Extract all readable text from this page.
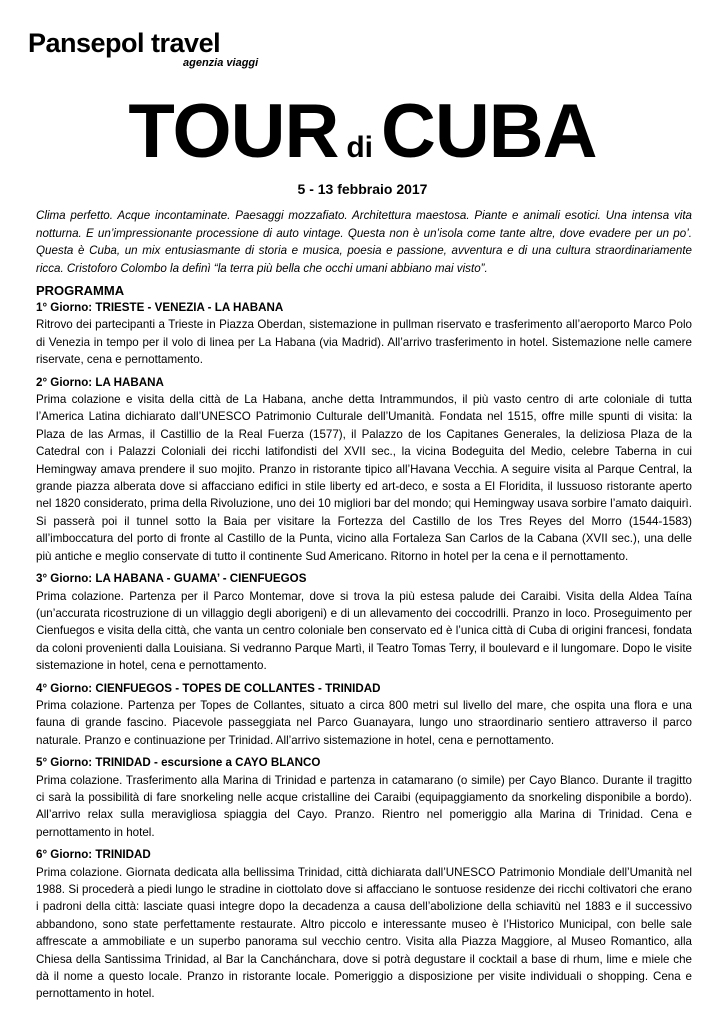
Pansepol travel
agenzia viaggi
TOUR di CUBA
5 - 13 febbraio 2017

Clima perfetto. Acque incontaminate. Paesaggi mozzafiato. Architettura maestosa. Piante e animali esotici. Una intensa vita notturna. E un’impressionante processione di auto vintage. Questa non è un’isola come tante altre, dove evadere per un po’. Questa è Cuba, un mix entusiasmante di storia e musica, poesia e passione, avventura e di una cultura straordinariamente ricca. Cristoforo Colombo la definì “la terra più bella che occhi umani abbiano mai visto”.

PROGRAMMA

1° Giorno: TRIESTE - VENEZIA - LA HABANA

Ritrovo dei partecipanti a Trieste in Piazza Oberdan, sistemazione in pullman riservato e trasferimento all’aeroporto Marco Polo di Venezia in tempo per il volo di linea per La Habana (via Madrid). All’arrivo trasferimento in hotel. Sistemazione nelle camere riservate, cena e pernottamento.

2° Giorno: LA HABANA

Prima colazione e visita della città de La Habana, anche detta Intrammundos, il più vasto centro di arte coloniale di tutta l’America Latina dichiarato dall’UNESCO Patrimonio Culturale dell’Umanità. Fondata nel 1515, offre mille spunti di visita: la Plaza de las Armas, il Castillio de la Real Fuerza (1577), il Palazzo de los Capitanes Generales, la deliziosa Plaza de la Catedral con i Palazzi Coloniali dei ricchi latifondisti del XVII sec., la vicina Bodeguita del Medio, celebre Taberna in cui Hemingway amava prendere il suo mojito. Pranzo in ristorante tipico all’Havana Vecchia. A seguire visita al Parque Central, la grande piazza alberata dove si affacciano edifici in stile liberty ed art-deco, e sosta a El Floridita, il lussuoso ristorante aperto nel 1820 considerato, prima della Rivoluzione, uno dei 10 migliori bar del mondo; qui Hemingway usava sorbire l’amato daiquirì. Si passerà poi il tunnel sotto la Baia per visitare la Fortezza del Castillo de los Tres Reyes del Morro (1544-1583) all’imboccatura del porto di fronte al Castillo de la Punta, vicino alla Fortaleza San Carlos de la Cabana (XVII sec.), una delle più antiche e meglio conservate di tutto il continente Sud Americano. Ritorno in hotel per la cena e il pernottamento.

3° Giorno: LA HABANA - GUAMA’ - CIENFUEGOS

Prima colazione. Partenza per il Parco Montemar, dove si trova la più estesa palude dei Caraibi. Visita della Aldea Taína (un’accurata ricostruzione di un villaggio degli aborigeni) e di un allevamento dei coccodrilli. Pranzo in loco. Proseguimento per Cienfuegos e visita della città, che vanta un centro coloniale ben conservato ed è l’unica città di Cuba di origini francesi, fondata da coloni provenienti dalla Louisiana. Si vedranno Parque Martì, il Teatro Tomas Terry, il boulevard e il lungomare. Dopo le visite sistemazione in hotel, cena e pernottamento.

4° Giorno: CIENFUEGOS - TOPES DE COLLANTES - TRINIDAD

Prima colazione. Partenza per Topes de Collantes, situato a circa 800 metri sul livello del mare, che ospita una flora e una fauna di grande fascino. Piacevole passeggiata nel Parco Guanayara, lungo uno straordinario sentiero attraverso il parco naturale. Pranzo e continuazione per Trinidad. All’arrivo sistemazione in hotel, cena e pernottamento.

5° Giorno: TRINIDAD - escursione a CAYO BLANCO

Prima colazione. Trasferimento alla Marina di Trinidad e partenza in catamarano (o simile) per Cayo Blanco. Durante il tragitto ci sarà la possibilità di fare snorkeling nelle acque cristalline dei Caraibi (equipaggiamento da snorkeling disponibile a bordo). All’arrivo relax sulla meravigliosa spiaggia del Cayo. Pranzo. Rientro nel pomeriggio alla Marina di Trinidad. Cena e pernottamento in hotel.

6° Giorno: TRINIDAD

Prima colazione. Giornata dedicata alla bellissima Trinidad, città dichiarata dall’UNESCO Patrimonio Mondiale dell’Umanità nel 1988. Si procederà a piedi lungo le stradine in ciottolato dove si affacciano le sontuose residenze dei ricchi coltivatori che erano i padroni della città: lasciate quasi integre dopo la decadenza a causa dell’abolizione della schiavitù nel 1883 e il successivo abbandono, sono state perfettamente restaurate. Altro piccolo e interessante museo è l’Historico Municipal, con belle sale affrescate a ammobiliate e un superbo panorama sul vecchio centro. Visita alla Piazza Maggiore, al Museo Romantico, alla Chiesa della Santissima Trinidad, al Bar la Canchánchara, dove si potrà degustare il cocktail a base di rhum, lime e miele che dà il nome a questo locale. Pranzo in ristorante locale. Pomeriggio a disposizione per visite individuali o shopping. Cena e pernottamento in hotel.
